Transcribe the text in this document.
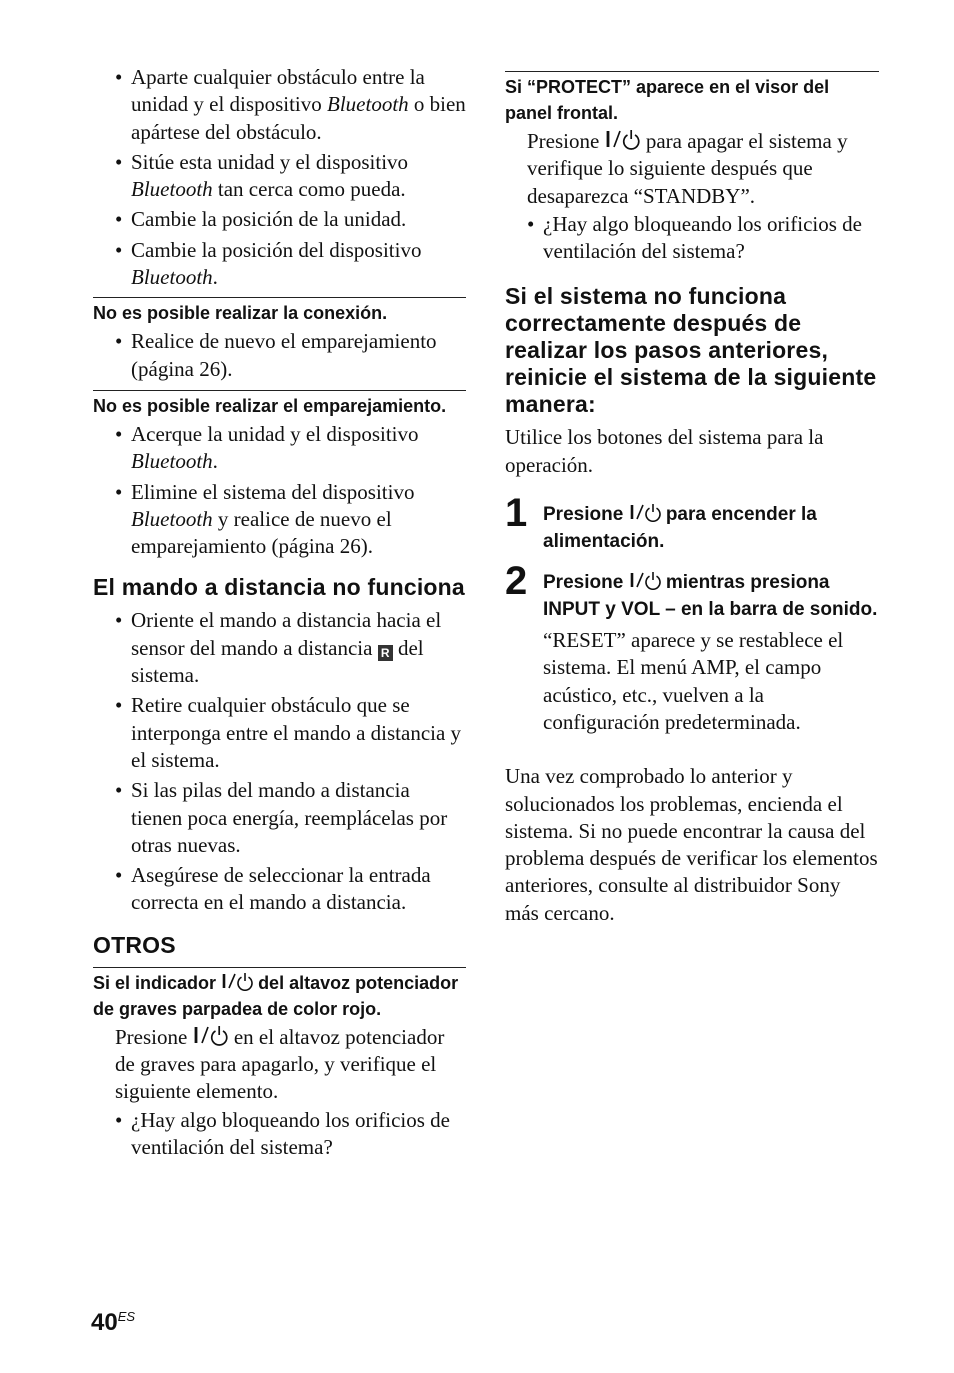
• Aparte cualquier obstáculo entre la unidad y el dispositivo Bluetooth o bien apártese del obstáculo.
• Sitúe esta unidad y el dispositivo Bluetooth tan cerca como pueda.
• Cambie la posición de la unidad.
• Cambie la posición del dispositivo Bluetooth.

No es posible realizar la conexión.

• Realice de nuevo el emparejamiento (página 26).

No es posible realizar el emparejamiento.

• Acerque la unidad y el dispositivo Bluetooth.
• Elimine el sistema del dispositivo Bluetooth y realice de nuevo el emparejamiento (página 26).
El mando a distancia no funciona
• Oriente el mando a distancia hacia el sensor del mando a distancia R del sistema.
• Retire cualquier obstáculo que se interponga entre el mando a distancia y el sistema.
• Si las pilas del mando a distancia tienen poca energía, reemplácelas por otras nuevas.
• Asegúrese de seleccionar la entrada correcta en el mando a distancia.
OTROS

Si el indicador del altavoz potenciador de graves parpadea de color rojo.

Presione en el altavoz potenciador de graves para apagarlo, y verifique el siguiente elemento.

• ¿Hay algo bloqueando los orificios de ventilación del sistema?

Si “PROTECT” aparece en el visor del panel frontal.

Presione para apagar el sistema y verifique lo siguiente después que desaparezca “STANDBY”.

• ¿Hay algo bloqueando los orificios de ventilación del sistema?
Si el sistema no funciona correctamente después de realizar los pasos anteriores, reinicie el sistema de la siguiente manera:

Utilice los botones del sistema para la operación.

1 Presione para encender la alimentación.

2 Presione mientras presiona INPUT y VOL – en la barra de sonido.

“RESET” aparece y se restablece el sistema. El menú AMP, el campo acústico, etc., vuelven a la configuración predeterminada.

Una vez comprobado lo anterior y solucionados los problemas, encienda el sistema. Si no puede encontrar la causa del problema después de verificar los elementos anteriores, consulte al distribuidor Sony más cercano.

$40^{ES}$
